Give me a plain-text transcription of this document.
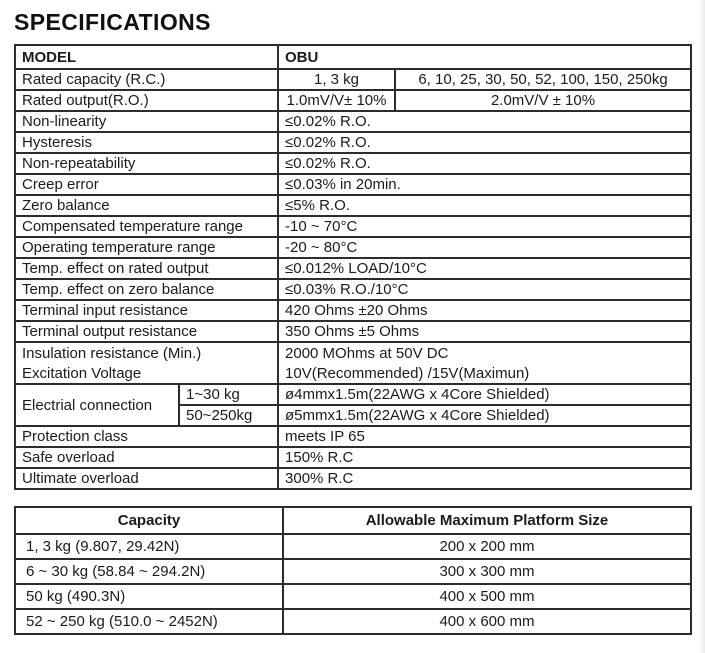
SPECIFICATIONS
MODEL		OBU	
Rated capacity (R.C.)		1, 3 kg	6, 10, 25, 30, 50, 52, 100, 150, 250kg
Rated output(R.O.)		1.0mV/V± 10%	2.0mV/V ± 10%
Non-linearity		≤0.02% R.O.	
Hysteresis		≤0.02% R.O.	
Non-repeatability		≤0.02% R.O.	
Creep error		≤0.03% in 20min.	
Zero balance		≤5% R.O.	
Compensated temperature range		-10 ~ 70°C	
Operating temperature range		-20 ~ 80°C	
Temp. effect on rated output		≤0.012% LOAD/10°C	
Temp. effect on zero balance		≤0.03% R.O./10°C	
Terminal input resistance		420 Ohms ±20 Ohms	
Terminal output resistance		350 Ohms ±5 Ohms	
Insulation resistance (Min.)		2000 MOhms at 50V DC	
Excitation Voltage		10V(Recommended) /15V(Maximun)	
Electrial connection	1~30 kg	ø4mmx1.5m(22AWG x 4Core Shielded)	
	50~250kg	ø5mmx1.5m(22AWG x 4Core Shielded)	
Protection class		meets IP 65	
Safe overload		150% R.C	
Ultimate overload		300% R.C	
Capacity	Allowable Maximum Platform Size
1, 3 kg (9.807, 29.42N)	200 x 200 mm
6 ~ 30 kg (58.84 ~ 294.2N)	300 x 300 mm
50 kg (490.3N)	400 x 500 mm
52 ~ 250 kg (510.0 ~ 2452N)	400 x 600 mm
